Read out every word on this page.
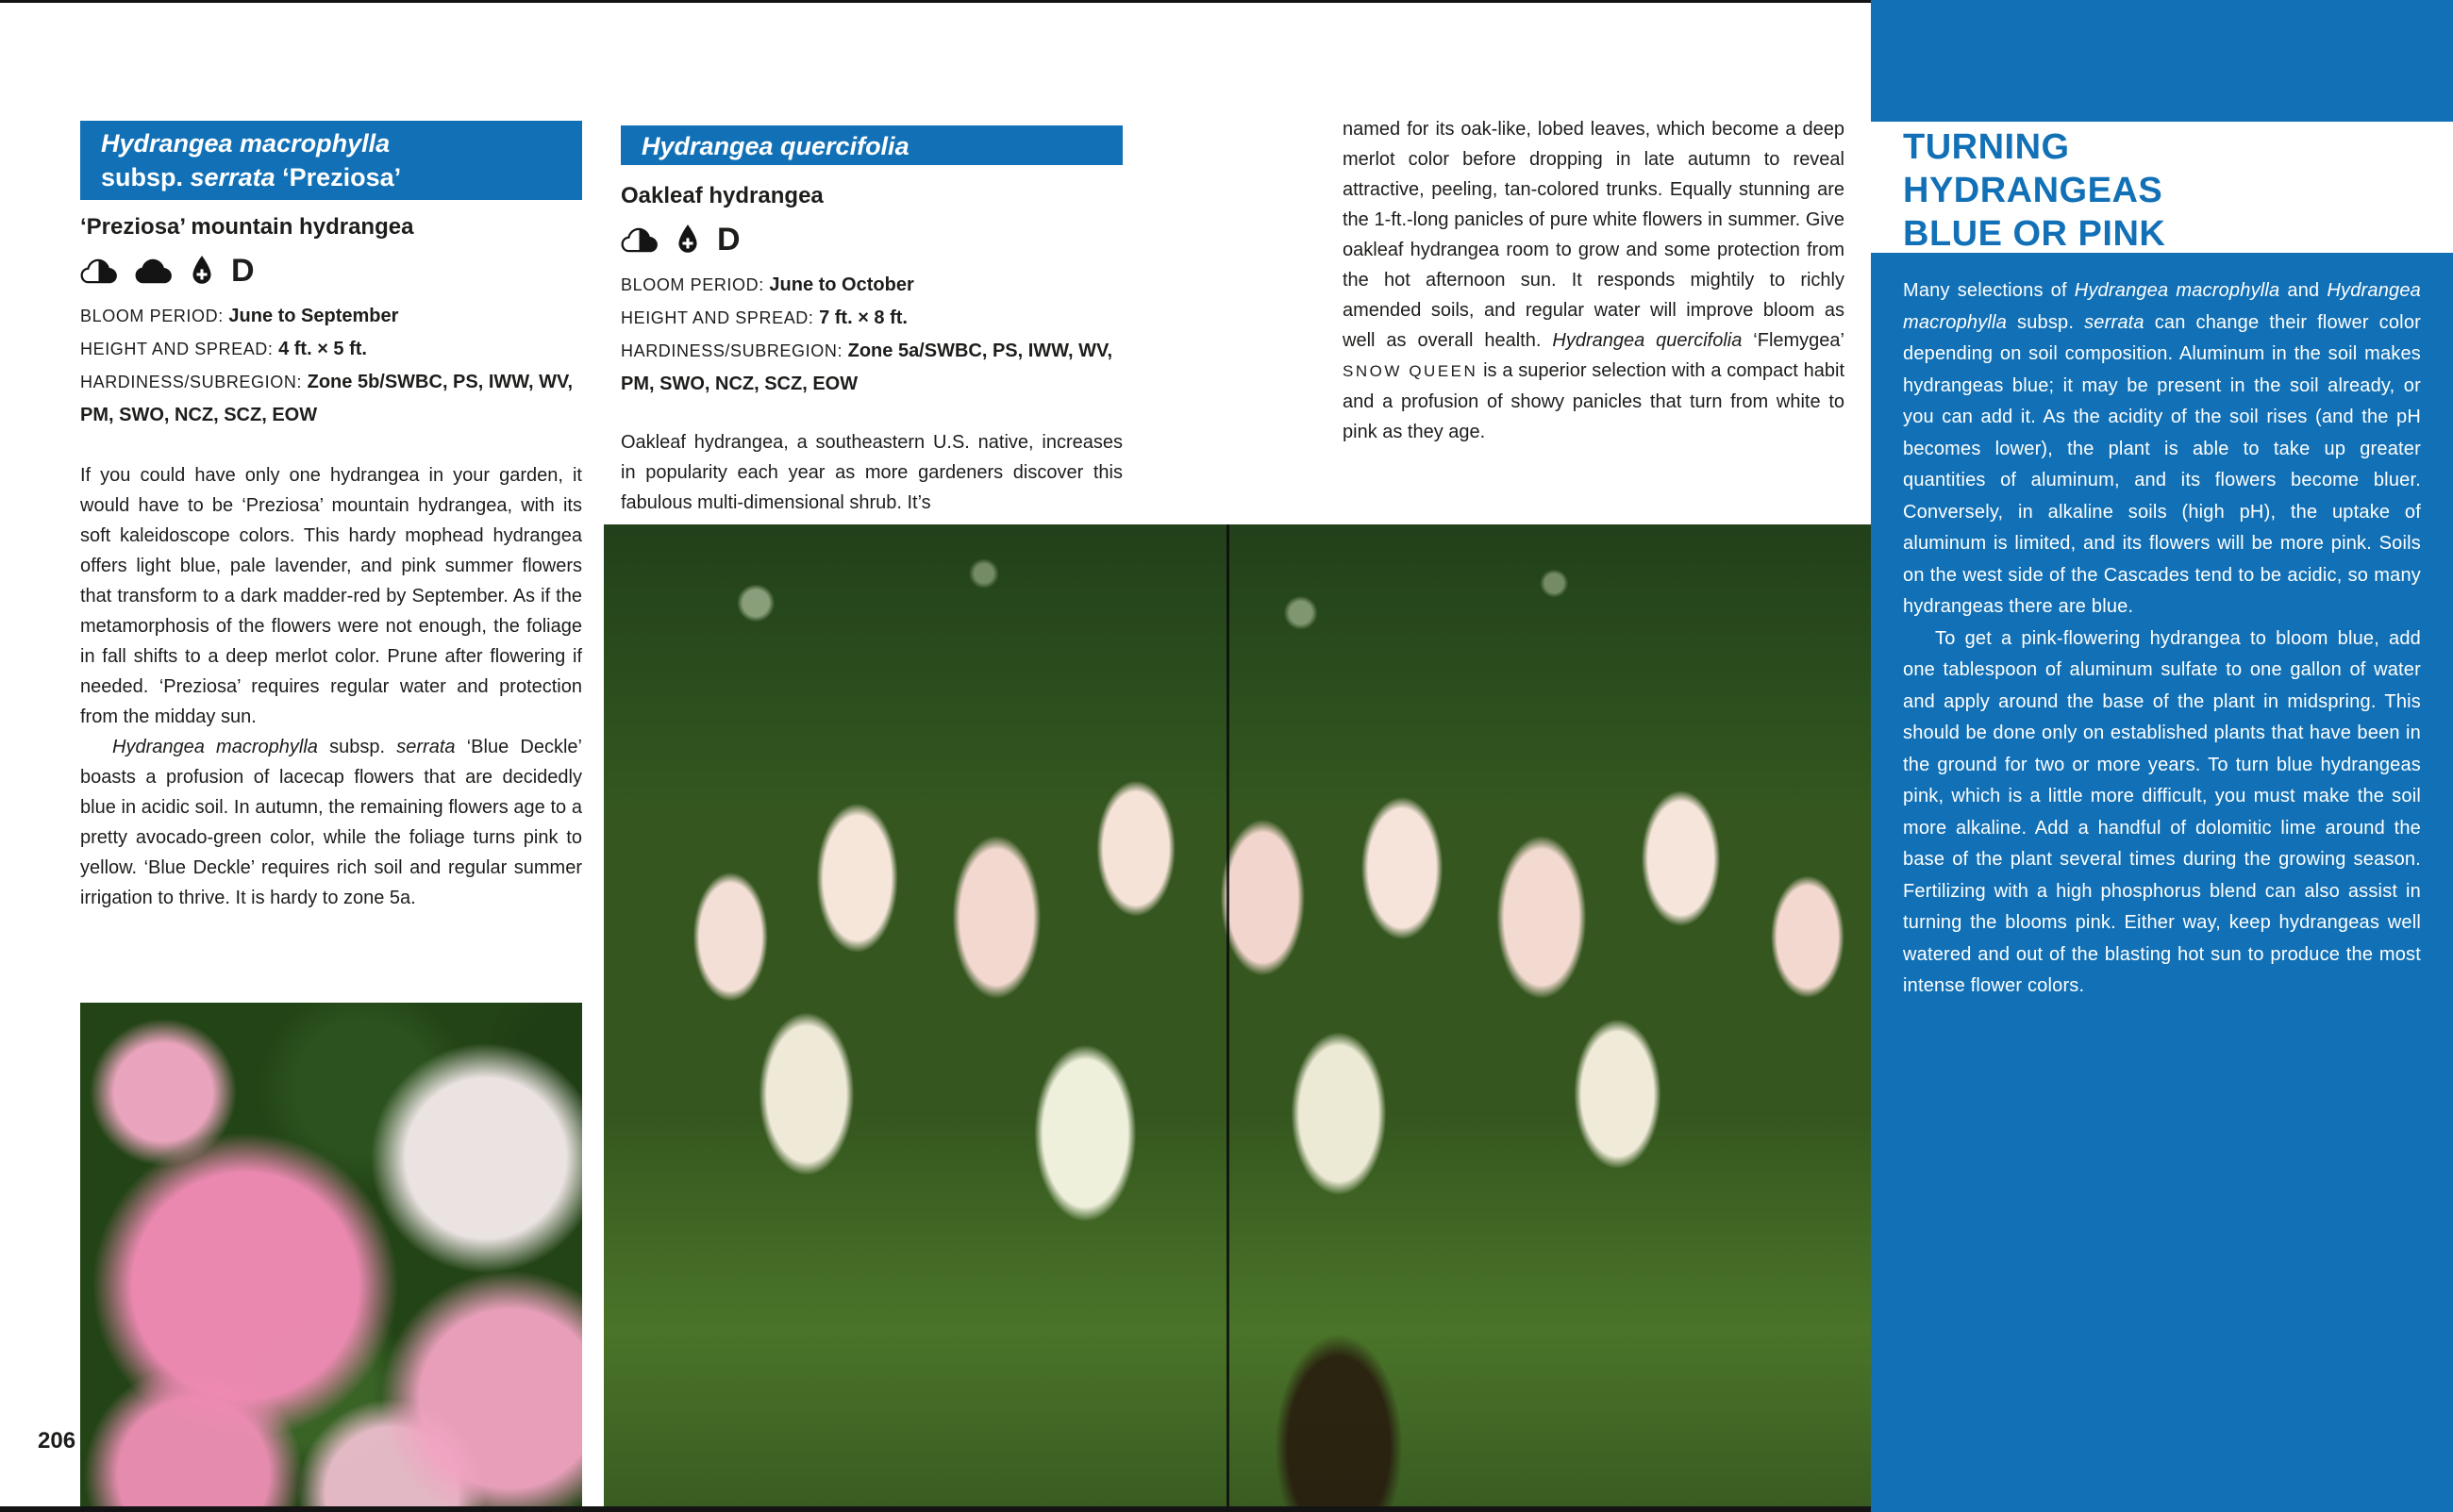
Hydrangea macrophylla
subsp. serrata ‘Preziosa’
‘Preziosa’ mountain hydrangea
D
BLOOM PERIOD: June to September
HEIGHT AND SPREAD: 4 ft. × 5 ft.
HARDINESS/SUBREGION: Zone 5b/SWBC, PS, IWW, WV, PM, SWO, NCZ, SCZ, EOW

If you could have only one hydrangea in your garden, it would have to be ‘Preziosa’ mountain hydrangea, with its soft kaleidoscope colors. This hardy mophead hydrangea offers light blue, pale lavender, and pink summer flowers that transform to a dark madder-red by September. As if the metamorphosis of the flowers were not enough, the foliage in fall shifts to a deep merlot color. Prune after flowering if needed. ‘Preziosa’ requires regular water and protection from the midday sun.

Hydrangea macrophylla subsp. serrata ‘Blue Deckle’ boasts a profusion of lacecap flowers that are decidedly blue in acidic soil. In autumn, the remaining flowers age to a pretty avocado-green color, while the foliage turns pink to yellow. ‘Blue Deckle’ requires rich soil and regular summer irrigation to thrive. It is hardy to zone 5a.

Hydrangea quercifolia
Oakleaf hydrangea
D
BLOOM PERIOD: June to October
HEIGHT AND SPREAD: 7 ft. × 8 ft.
HARDINESS/SUBREGION: Zone 5a/SWBC, PS, IWW, WV, PM, SWO, NCZ, SCZ, EOW

Oakleaf hydrangea, a southeastern U.S. native, increases in popularity each year as more gardeners discover this fabulous multi-dimensional shrub. It’s

named for its oak-like, lobed leaves, which become a deep merlot color before dropping in late autumn to reveal attractive, peeling, tan-colored trunks. Equally stunning are the 1-ft.-long panicles of pure white flowers in summer. Give oakleaf hydrangea room to grow and some protection from the hot afternoon sun. It responds mightily to richly amended soils, and regular water will improve bloom as well as overall health. Hydrangea quercifolia ‘Flemygea’ SNOW QUEEN is a superior selection with a compact habit and a profusion of showy panicles that turn from white to pink as they age.

TURNING
HYDRANGEAS
BLUE OR PINK

Many selections of Hydrangea macrophylla and Hydrangea macrophylla subsp. serrata can change their flower color depending on soil composition. Aluminum in the soil makes hydrangeas blue; it may be present in the soil already, or you can add it. As the acidity of the soil rises (and the pH becomes lower), the plant is able to take up greater quantities of aluminum, and its flowers become bluer. Conversely, in alkaline soils (high pH), the uptake of aluminum is limited, and its flowers will be more pink. Soils on the west side of the Cascades tend to be acidic, so many hydrangeas there are blue.

To get a pink-flowering hydrangea to bloom blue, add one tablespoon of aluminum sulfate to one gallon of water and apply around the base of the plant in midspring. This should be done only on established plants that have been in the ground for two or more years. To turn blue hydrangeas pink, which is a little more difficult, you must make the soil more alkaline. Add a handful of dolomitic lime around the base of the plant several times during the growing season. Fertilizing with a high phosphorus blend can also assist in turning the blooms pink. Either way, keep hydrangeas well watered and out of the blasting hot sun to produce the most intense flower colors.

206
